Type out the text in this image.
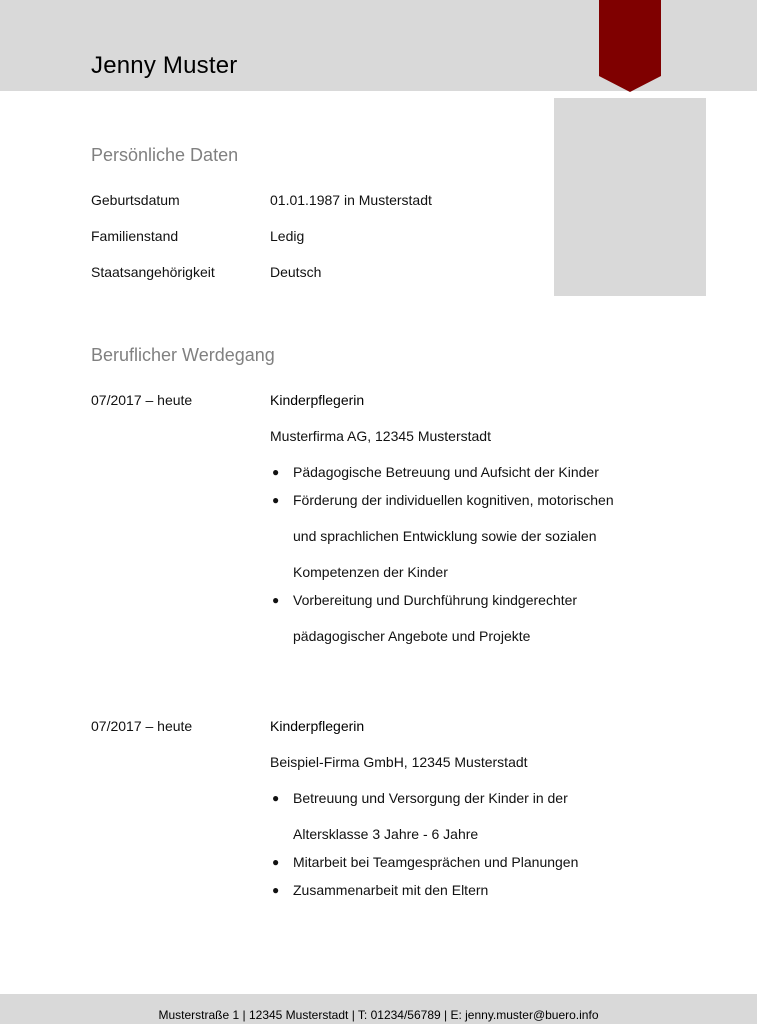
Jenny Muster
Persönliche Daten
Geburtsdatum	01.01.1987 in Musterstadt
Familienstand	Ledig
Staatsangehörigkeit	Deutsch
Beruflicher Werdegang
07/2017 – heute	Kinderpflegerin
Musterfirma AG, 12345 Musterstadt
● Pädagogische Betreuung und Aufsicht der Kinder
● Förderung der individuellen kognitiven, motorischen
und sprachlichen Entwicklung sowie der sozialen
Kompetenzen der Kinder
● Vorbereitung und Durchführung kindgerechter
pädagogischer Angebote und Projekte
07/2017 – heute	Kinderpflegerin
Beispiel-Firma GmbH, 12345 Musterstadt
● Betreuung und Versorgung der Kinder in der
Altersklasse 3 Jahre - 6 Jahre
● Mitarbeit bei Teamgesprächen und Planungen
● Zusammenarbeit mit den Eltern
Musterstraße 1 | 12345 Musterstadt | T: 01234/56789 | E: jenny.muster@buero.info
